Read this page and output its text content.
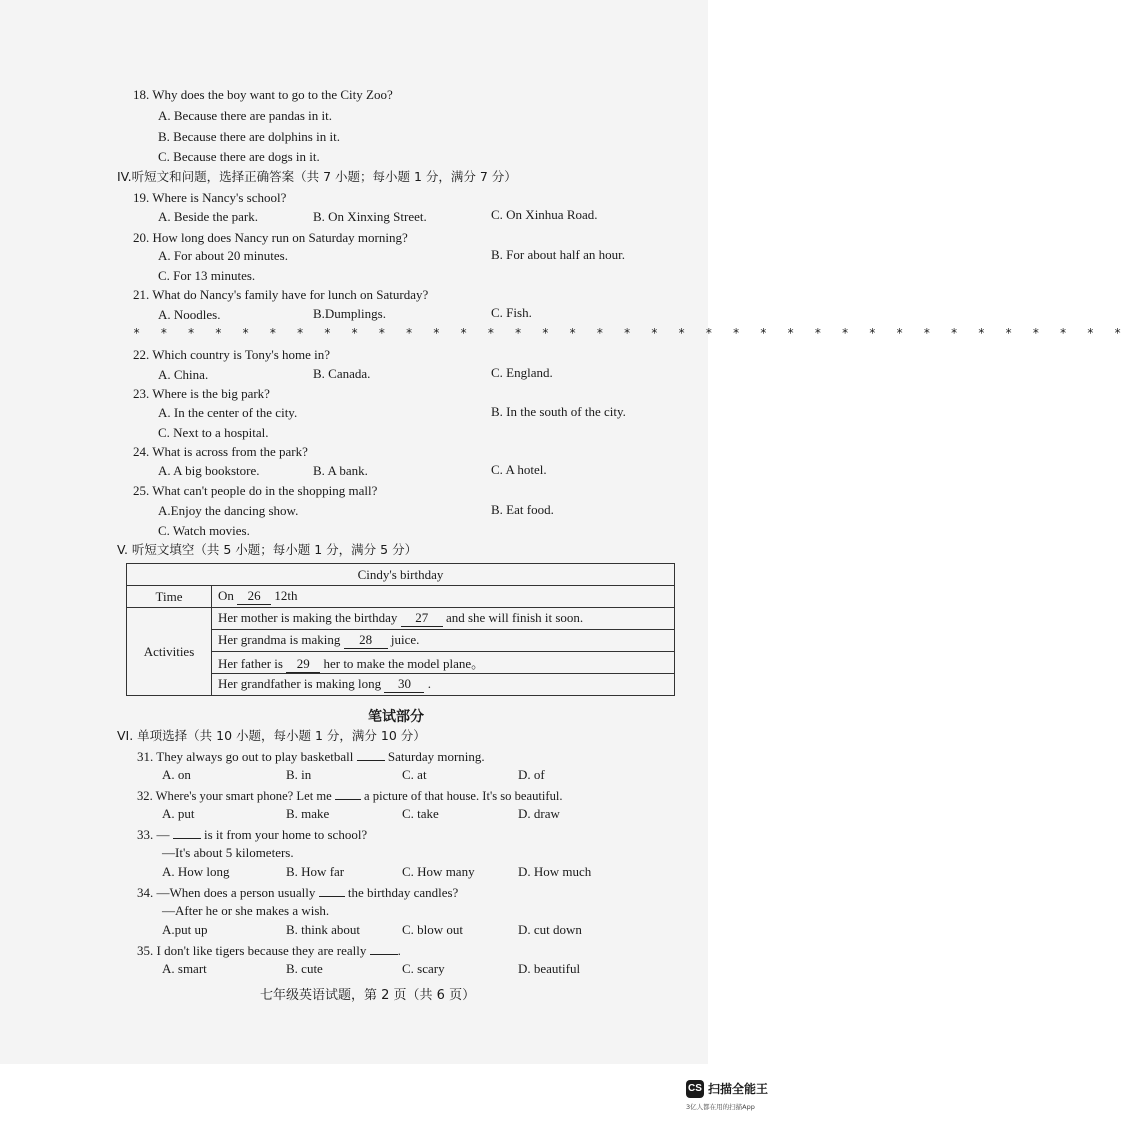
18. Why does the boy want to go to the City Zoo?
A. Because there are pandas in it.
B. Because there are dolphins in it.
C. Because there are dogs in it.
IV.听短文和问题，选择正确答案（共 7 小题；每小题 1 分，满分 7 分）
19. Where is Nancy's school?
A. Beside the park.	B. On Xinxing Street.	C. On Xinhua Road.
20. How long does Nancy run on Saturday morning?
A. For about 20 minutes.	B. For about half an hour.
C. For 13 minutes.
21. What do Nancy's family have for lunch on Saturday?
A. Noodles.	B.Dumplings.	C. Fish.
* * * * * * * * * * * * * * * * * * * * * * * * * * * * * * * * * * * * *
22. Which country is Tony's home in?
A. China.	B. Canada.	C. England.
23. Where is the big park?
A. In the center of the city.	B. In the south of the city.
C. Next to a hospital.
24. What is across from the park?
A. A big bookstore.	B. A bank.	C. A hotel.
25. What can't people do in the shopping mall?
A.Enjoy the dancing show.	B. Eat food.
C. Watch movies.
V. 听短文填空（共 5 小题；每小题 1 分，满分 5 分）
Cindy's birthday	
Time	On 26 12th
Activities	Her mother is making the birthday 27 and she will finish it soon.
	Her grandma is making 28 juice.
	Her father is 29 her to make the model plane。
	Her grandfather is making long 30 .
笔试部分
VI. 单项选择（共 10 小题，每小题 1 分，满分 10 分）
31. They always go out to play basketball	Saturday morning.
A. on	B. in	C. at	D. of
32. Where's your smart phone? Let me	a picture of that house. It's so beautiful.
A. put	B. make	C. take	D. draw
33. —	is it from your home to school?
—It's about 5 kilometers.
A. How long	B. How far	C. How many	D. How much
34. —When does a person usually	the birthday candles?
—After he or she makes a wish.
A.put up	B. think about	C. blow out	D. cut down
35. I don't like tigers because they are really .
A. smart	B. cute	C. scary	D. beautiful
七年级英语试题，第 2 页（共 6 页）
CS 扫描全能王
3亿人都在用的扫描App
